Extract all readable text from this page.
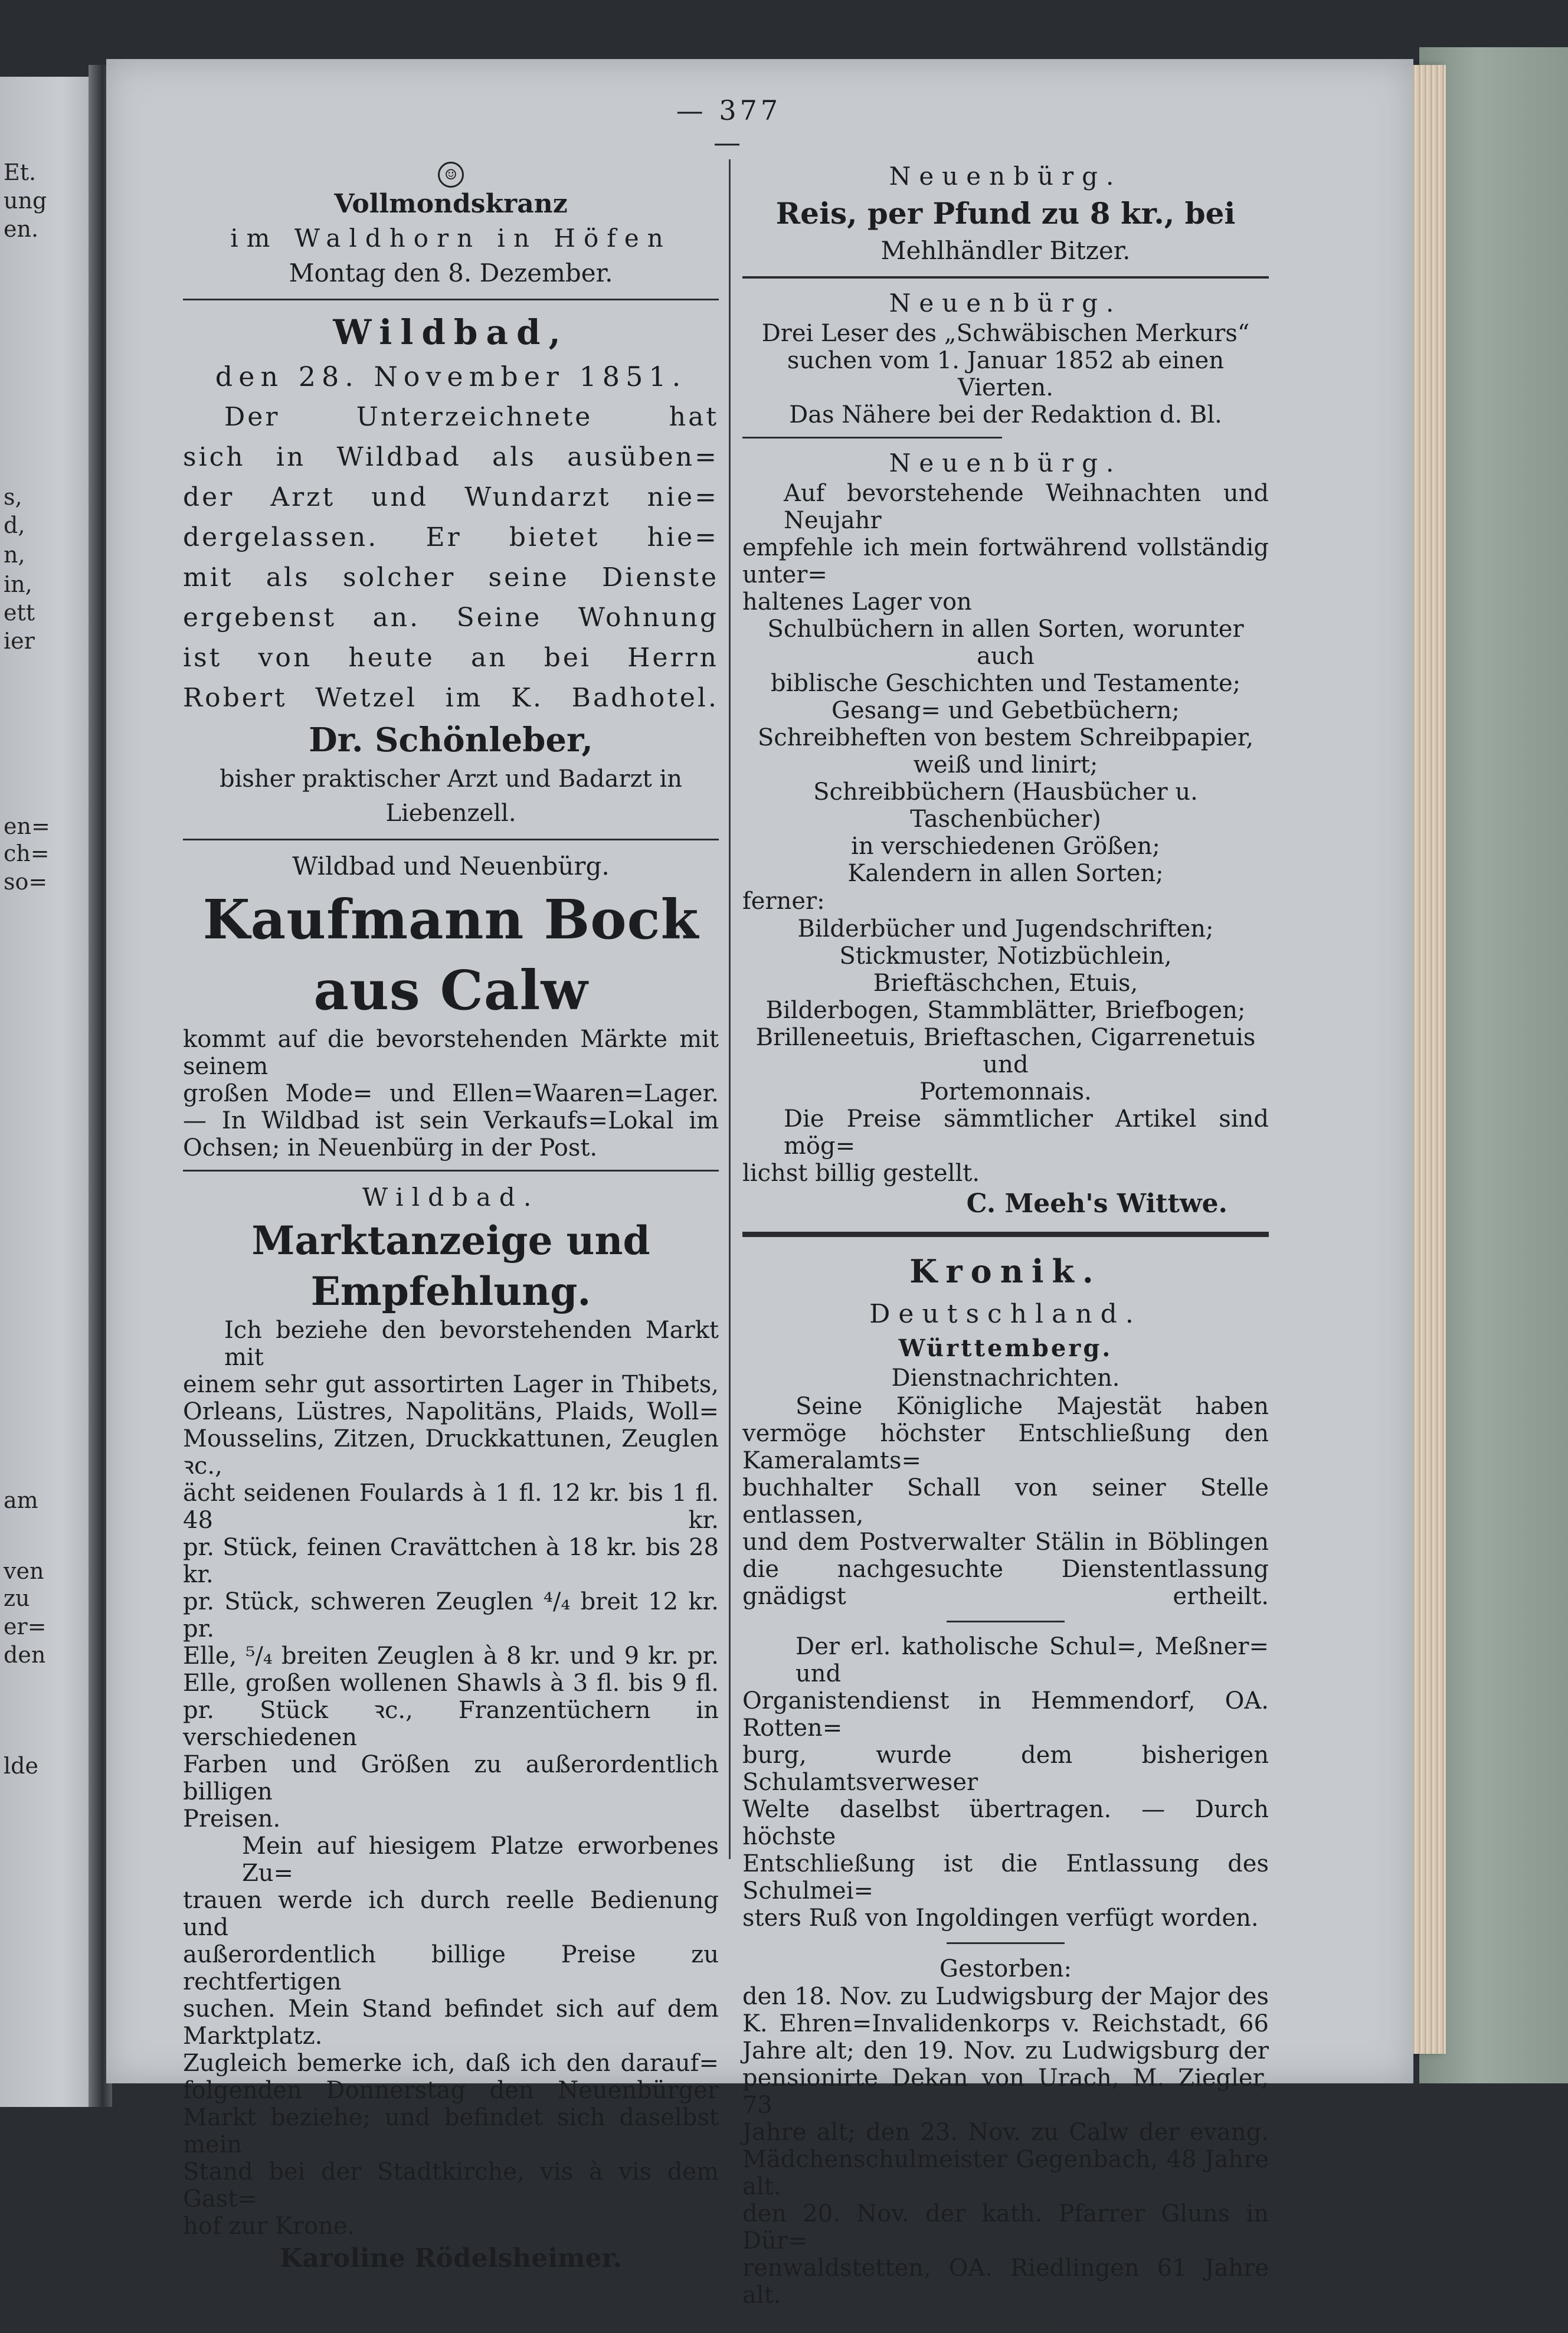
Et.
ung
en.
s,
d,
n,
in,
ett
ier
en=
ch=
so=
am
ven
zu
er=
den
lde
— 377 —
☺

Vollmondskranz

im Waldhorn in Höfen

Montag den 8. Dezember.

Wildbad,

den 28. November 1851.

Der Unterzeichnete hat

sich in Wildbad als ausüben=

der Arzt und Wundarzt nie=

dergelassen. Er bietet hie=

mit als solcher seine Dienste

ergebenst an. Seine Wohnung

ist von heute an bei Herrn

Robert Wetzel im K. Badhotel.

Dr. Schönleber,

bisher praktischer Arzt und Badarzt in

Liebenzell.

Wildbad und Neuenbürg.

Kaufmann Bock aus Calw

kommt auf die bevorstehenden Märkte mit seinem

großen Mode= und Ellen=Waaren=Lager.

— In Wildbad ist sein Verkaufs=Lokal im

Ochsen; in Neuenbürg in der Post.

Wildbad.

Marktanzeige und Empfehlung.

Ich beziehe den bevorstehenden Markt mit

einem sehr gut assortirten Lager in Thibets,

Orleans, Lüstres, Napolitäns, Plaids, Woll=

Mousselins, Zitzen, Druckkattunen, Zeuglen ꝛc.,

ächt seidenen Foulards à 1 fl. 12 kr. bis 1 fl. 48 kr.

pr. Stück, feinen Cravättchen à 18 kr. bis 28 kr.

pr. Stück, schweren Zeuglen ⁴/₄ breit 12 kr. pr.

Elle, ⁵/₄ breiten Zeuglen à 8 kr. und 9 kr. pr.

Elle, großen wollenen Shawls à 3 fl. bis 9 fl.

pr. Stück ꝛc., Franzentüchern in verschiedenen

Farben und Größen zu außerordentlich billigen

Preisen.

Mein auf hiesigem Platze erworbenes Zu=

trauen werde ich durch reelle Bedienung und

außerordentlich billige Preise zu rechtfertigen

suchen. Mein Stand befindet sich auf dem

Marktplatz.

Zugleich bemerke ich, daß ich den darauf=

folgenden Donnerstag den Neuenbürger

Markt beziehe; und befindet sich daselbst mein

Stand bei der Stadtkirche, vis à vis dem Gast=

hof zur Krone.

Karoline Rödelsheimer.

Neuenbürg.

Reis, per Pfund zu 8 kr., bei

Mehlhändler Bitzer.

Neuenbürg.

Drei Leser des „Schwäbischen Merkurs“

suchen vom 1. Januar 1852 ab einen Vierten.

Das Nähere bei der Redaktion d. Bl.

Neuenbürg.

Auf bevorstehende Weihnachten und Neujahr

empfehle ich mein fortwährend vollständig unter=

haltenes Lager von

Schulbüchern in allen Sorten, worunter auch

biblische Geschichten und Testamente;

Gesang= und Gebetbüchern;

Schreibheften von bestem Schreibpapier,

weiß und linirt;

Schreibbüchern (Hausbücher u. Taschenbücher)

in verschiedenen Größen;

Kalendern in allen Sorten;

ferner:

Bilderbücher und Jugendschriften;

Stickmuster, Notizbüchlein, Brieftäschchen, Etuis,

Bilderbogen, Stammblätter, Briefbogen;

Brilleneetuis, Brieftaschen, Cigarrenetuis und

Portemonnais.

Die Preise sämmtlicher Artikel sind mög=

lichst billig gestellt.

C. Meeh's Wittwe.

Kronik.

Deutschland.

Württemberg.

Dienstnachrichten.

Seine Königliche Majestät haben

vermöge höchster Entschließung den Kameralamts=

buchhalter Schall von seiner Stelle entlassen,

und dem Postverwalter Stälin in Böblingen

die nachgesuchte Dienstentlassung gnädigst ertheilt.

Der erl. katholische Schul=, Meßner= und

Organistendienst in Hemmendorf, OA. Rotten=

burg, wurde dem bisherigen Schulamtsverweser

Welte daselbst übertragen. — Durch höchste

Entschließung ist die Entlassung des Schulmei=

sters Ruß von Ingoldingen verfügt worden.

Gestorben:

den 18. Nov. zu Ludwigsburg der Major des

K. Ehren=Invalidenkorps v. Reichstadt, 66

Jahre alt; den 19. Nov. zu Ludwigsburg der

pensionirte Dekan von Urach, M. Ziegler, 73

Jahre alt; den 23. Nov. zu Calw der evang.

Mädchenschulmeister Gegenbach, 48 Jahre alt.

den 20. Nov. der kath. Pfarrer Gluns in Dür=

renwaldstetten, OA. Riedlingen 61 Jahre alt.
